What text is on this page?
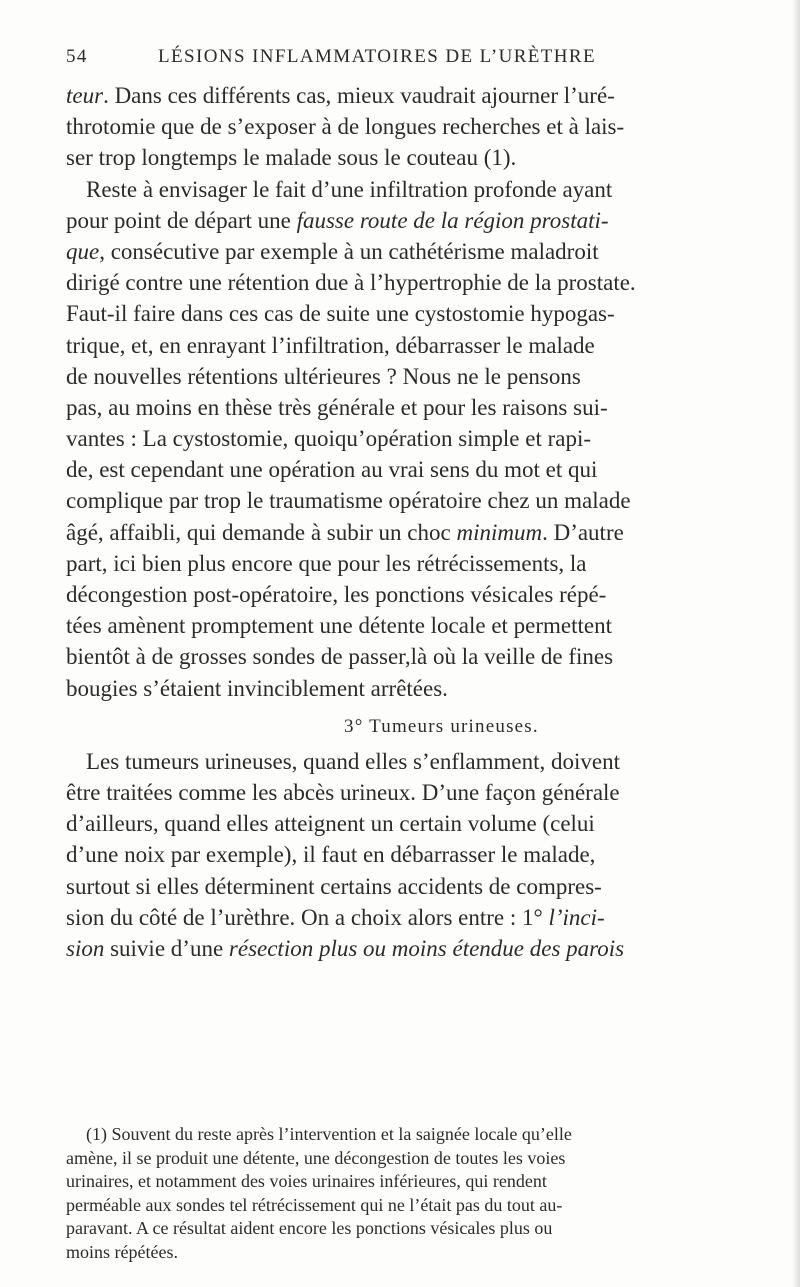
54	LÉSIONS INFLAMMATOIRES DE L’URÈTHRE
teur. Dans ces différents cas, mieux vaudrait ajourner l’uré-
throtomie que de s’exposer à de longues recherches et à lais-
ser trop longtemps le malade sous le couteau (1).
Reste à envisager le fait d’une infiltration profonde ayant
pour point de départ une fausse route de la région prostati-
que, consécutive par exemple à un cathétérisme maladroit
dirigé contre une rétention due à l’hypertrophie de la prostate.
Faut-il faire dans ces cas de suite une cystostomie hypogas-
trique, et, en enrayant l’infiltration, débarrasser le malade
de nouvelles rétentions ultérieures ? Nous ne le pensons
pas, au moins en thèse très générale et pour les raisons sui-
vantes : La cystostomie, quoiqu’opération simple et rapi-
de, est cependant une opération au vrai sens du mot et qui
complique par trop le traumatisme opératoire chez un malade
âgé, affaibli, qui demande à subir un choc minimum. D’autre
part, ici bien plus encore que pour les rétrécissements, la
décongestion post-opératoire, les ponctions vésicales répé-
tées amènent promptement une détente locale et permettent
bientôt à de grosses sondes de passer,là où la veille de fines
bougies s’étaient invinciblement arrêtées.
3° Tumeurs urineuses.
Les tumeurs urineuses, quand elles s’enflamment, doivent
être traitées comme les abcès urineux. D’une façon générale
d’ailleurs, quand elles atteignent un certain volume (celui
d’une noix par exemple), il faut en débarrasser le malade,
surtout si elles déterminent certains accidents de compres-
sion du côté de l’urèthre. On a choix alors entre : 1° l’inci-
sion suivie d’une résection plus ou moins étendue des parois
(1) Souvent du reste après l’intervention et la saignée locale qu’elle
amène, il se produit une détente, une décongestion de toutes les voies
urinaires, et notamment des voies urinaires inférieures, qui rendent
perméable aux sondes tel rétrécissement qui ne l’était pas du tout au-
paravant. A ce résultat aident encore les ponctions vésicales plus ou
moins répétées.
